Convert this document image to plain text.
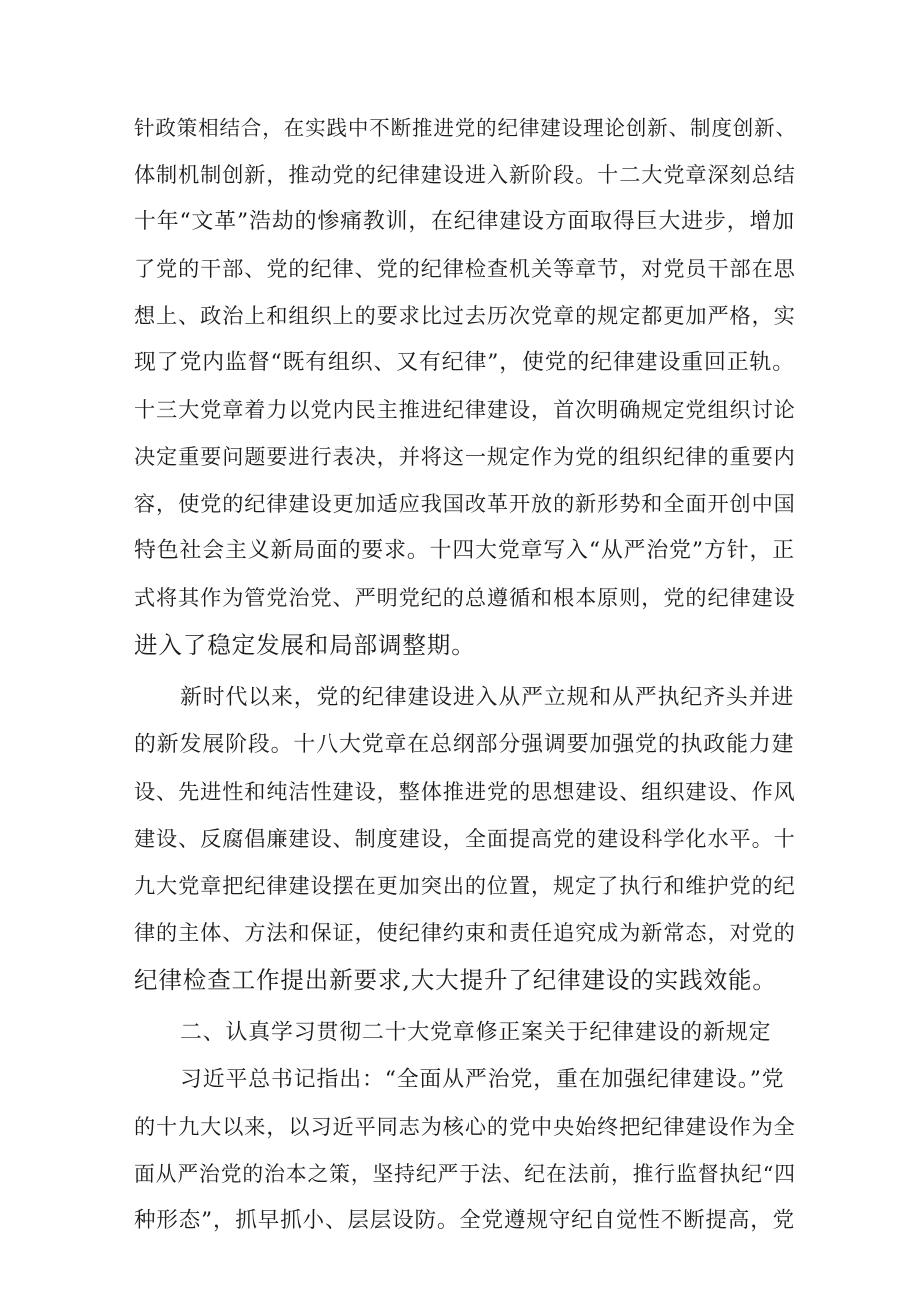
针政策相结合，在实践中不断推进党的纪律建设理论创新、制度创新、
体制机制创新，推动党的纪律建设进入新阶段。十二大党章深刻总结
十年“文革”浩劫的惨痛教训，在纪律建设方面取得巨大进步，增加
了党的干部、党的纪律、党的纪律检查机关等章节，对党员干部在思
想上、政治上和组织上的要求比过去历次党章的规定都更加严格，实
现了党内监督“既有组织、又有纪律”，使党的纪律建设重回正轨。
十三大党章着力以党内民主推进纪律建设，首次明确规定党组织讨论
决定重要问题要进行表决，并将这一规定作为党的组织纪律的重要内
容，使党的纪律建设更加适应我国改革开放的新形势和全面开创中国
特色社会主义新局面的要求。十四大党章写入“从严治党”方针，正
式将其作为管党治党、严明党纪的总遵循和根本原则，党的纪律建设
进入了稳定发展和局部调整期。
新时代以来，党的纪律建设进入从严立规和从严执纪齐头并进
的新发展阶段。十八大党章在总纲部分强调要加强党的执政能力建
设、先进性和纯洁性建设，整体推进党的思想建设、组织建设、作风
建设、反腐倡廉建设、制度建设，全面提高党的建设科学化水平。十
九大党章把纪律建设摆在更加突出的位置，规定了执行和维护党的纪
律的主体、方法和保证，使纪律约束和责任追究成为新常态，对党的
纪律检查工作提出新要求,大大提升了纪律建设的实践效能。
二、认真学习贯彻二十大党章修正案关于纪律建设的新规定
习近平总书记指出：“全面从严治党，重在加强纪律建设。”党
的十九大以来，以习近平同志为核心的党中央始终把纪律建设作为全
面从严治党的治本之策，坚持纪严于法、纪在法前，推行监督执纪“四
种形态”，抓早抓小、层层设防。全党遵规守纪自觉性不断提高，党
